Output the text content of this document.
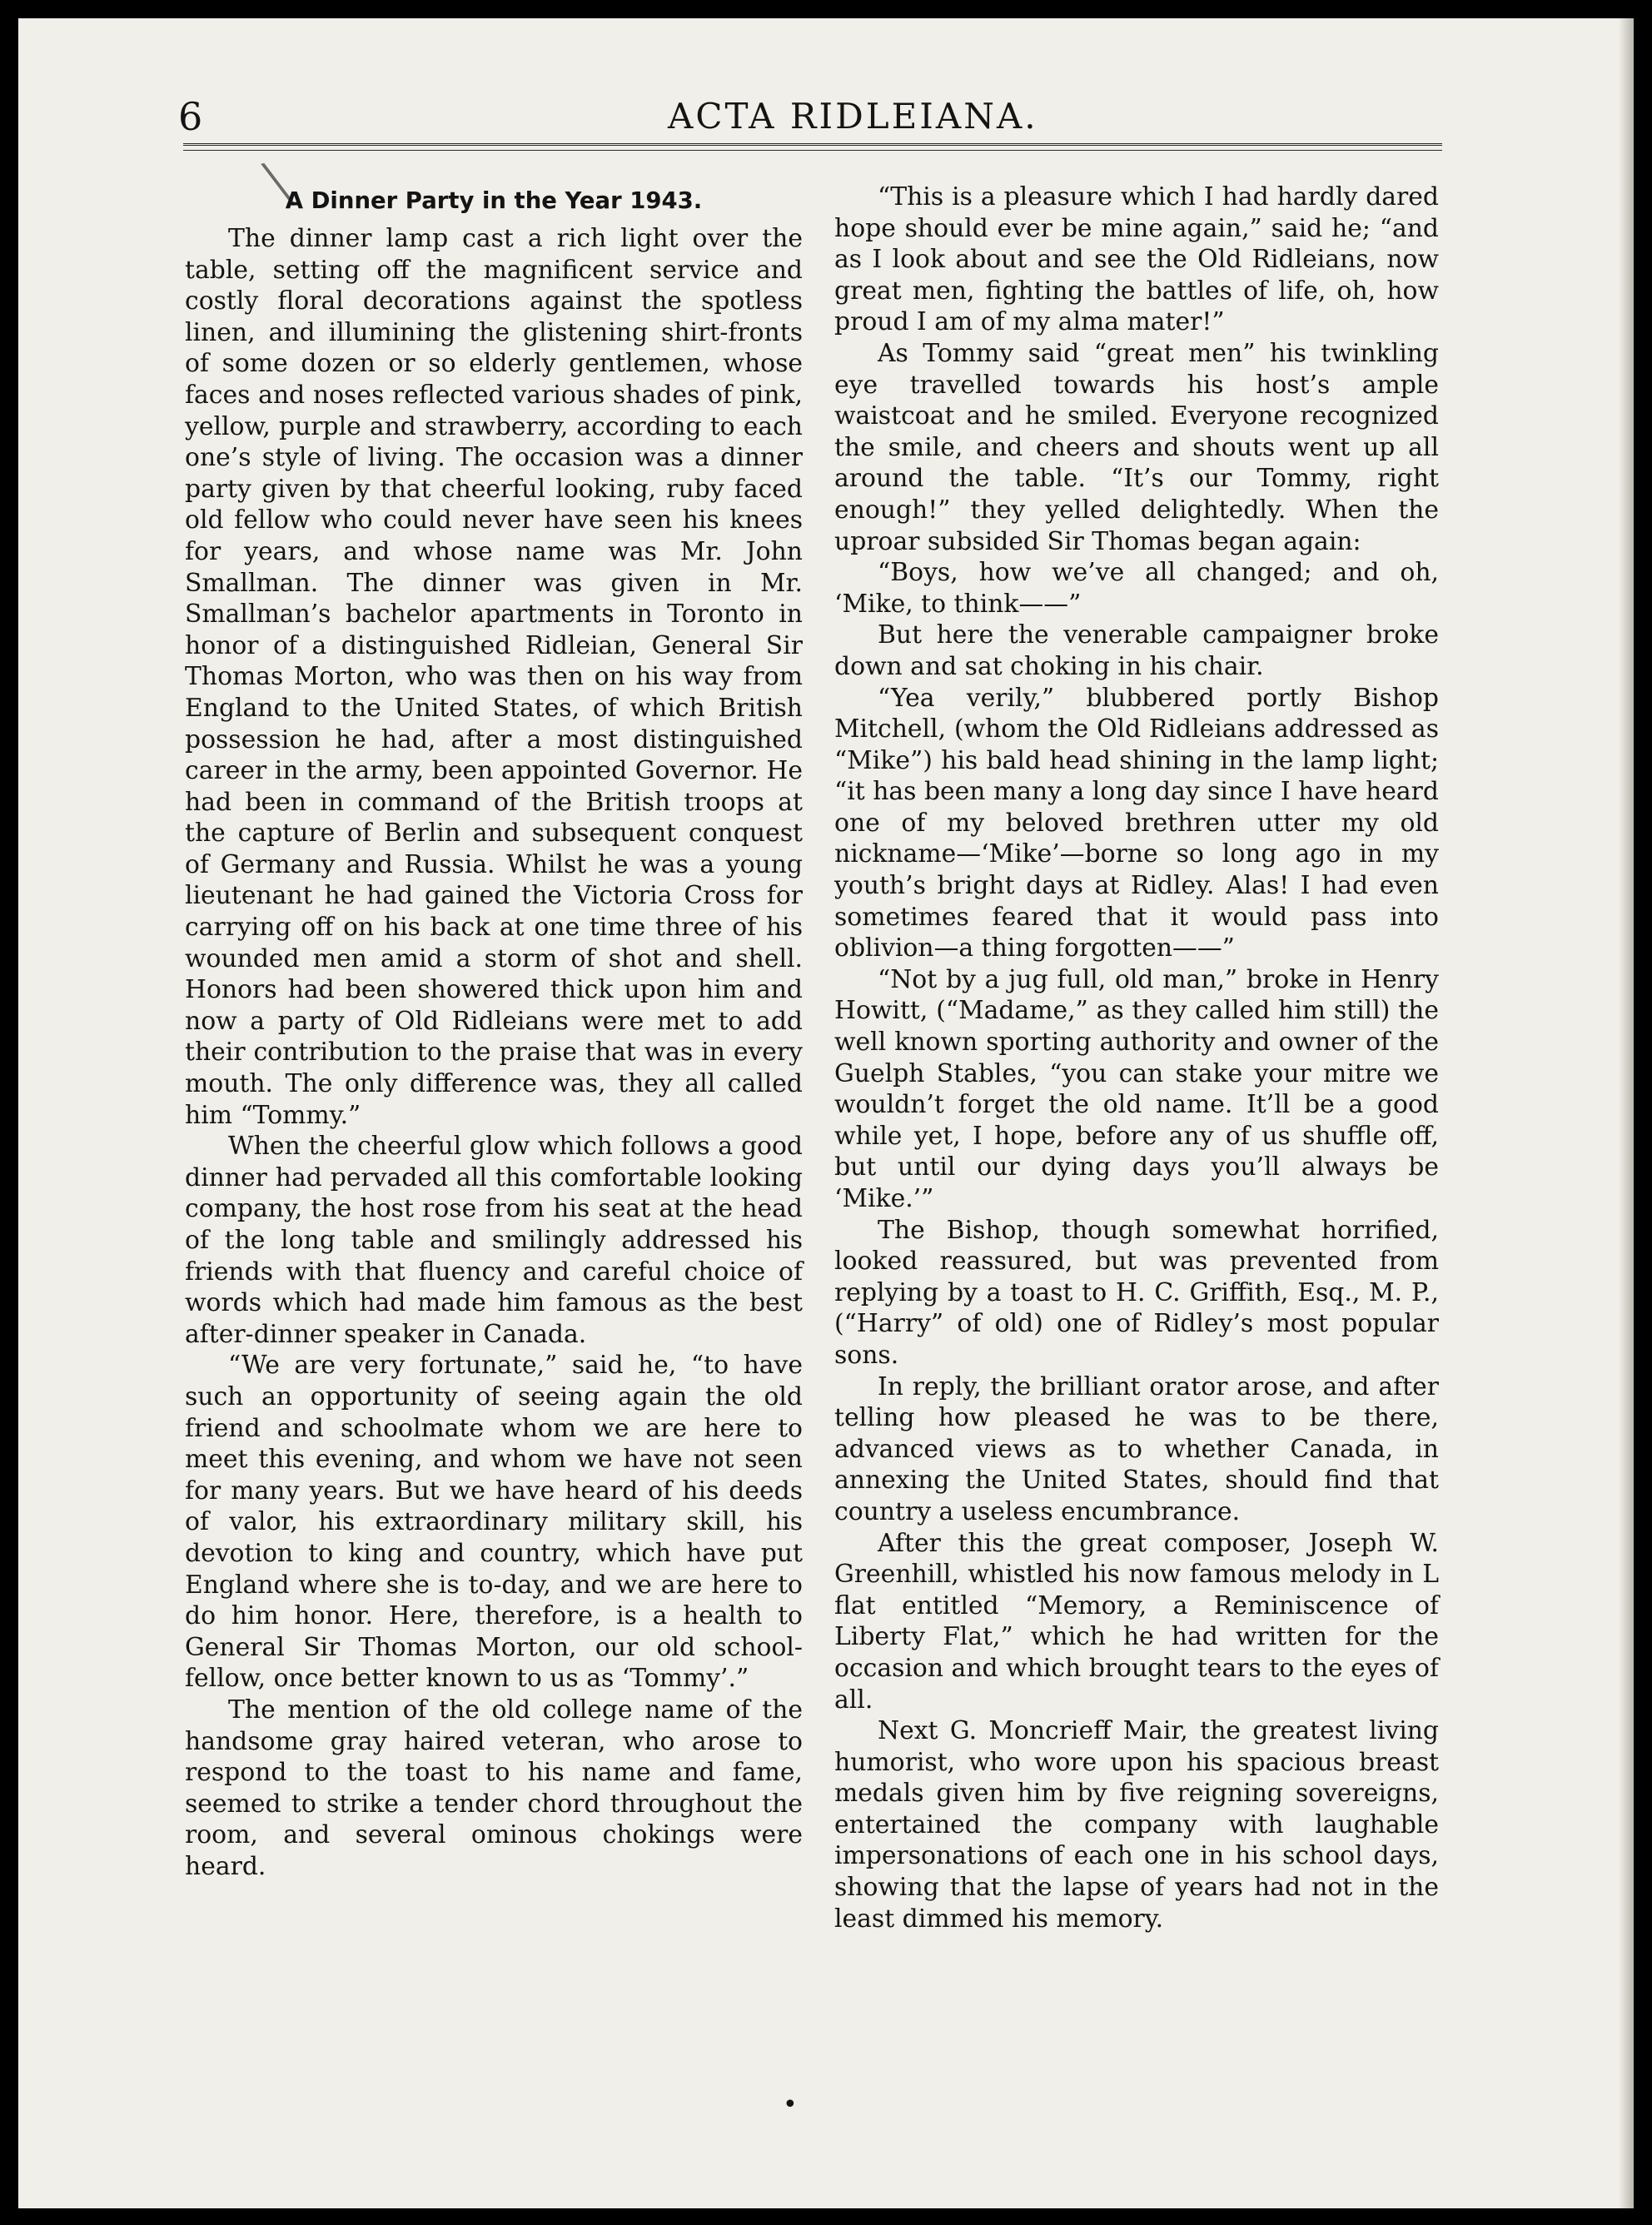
6	ACTA RIDLEIANA.
╲
A Dinner Party in the Year 1943.

The dinner lamp cast a rich light over the table, setting off the magnificent service and costly floral decorations against the spotless linen, and illumining the glistening shirt-fronts of some dozen or so elderly gentlemen, whose faces and noses reflected various shades of pink, yellow, purple and strawberry, according to each one’s style of living. The occasion was a dinner party given by that cheerful looking, ruby faced old fellow who could never have seen his knees for years, and whose name was Mr. John Smallman. The dinner was given in Mr. Smallman’s bachelor apartments in Toronto in honor of a distinguished Ridleian, General Sir Thomas Morton, who was then on his way from England to the United States, of which British possession he had, after a most distinguished career in the army, been appointed Governor. He had been in command of the British troops at the capture of Berlin and subsequent conquest of Germany and Russia. Whilst he was a young lieutenant he had gained the Victoria Cross for carrying off on his back at one time three of his wounded men amid a storm of shot and shell. Honors had been showered thick upon him and now a party of Old Ridleians were met to add their contribution to the praise that was in every mouth. The only difference was, they all called him “Tommy.”

When the cheerful glow which follows a good dinner had pervaded all this comfortable looking company, the host rose from his seat at the head of the long table and smilingly addressed his friends with that fluency and careful choice of words which had made him famous as the best after-dinner speaker in Canada.

“We are very fortunate,” said he, “to have such an opportunity of seeing again the old friend and schoolmate whom we are here to meet this evening, and whom we have not seen for many years. But we have heard of his deeds of valor, his extraordinary military skill, his devotion to king and country, which have put England where she is to-day, and we are here to do him honor. Here, therefore, is a health to General Sir Thomas Morton, our old school-fellow, once better known to us as ‘Tommy’.”

The mention of the old college name of the handsome gray haired veteran, who arose to respond to the toast to his name and fame, seemed to strike a tender chord throughout the room, and several ominous chokings were heard.

“This is a pleasure which I had hardly dared hope should ever be mine again,” said he; “and as I look about and see the Old Ridleians, now great men, fighting the battles of life, oh, how proud I am of my alma mater!”

As Tommy said “great men” his twinkling eye travelled towards his host’s ample waistcoat and he smiled. Everyone recognized the smile, and cheers and shouts went up all around the table. “It’s our Tommy, right enough!” they yelled delightedly. When the uproar subsided Sir Thomas began again:

“Boys, how we’ve all changed; and oh, ‘Mike, to think——”

But here the venerable campaigner broke down and sat choking in his chair.

“Yea verily,” blubbered portly Bishop Mitchell, (whom the Old Ridleians addressed as “Mike”) his bald head shining in the lamp light; “it has been many a long day since I have heard one of my beloved brethren utter my old nickname—‘Mike’—borne so long ago in my youth’s bright days at Ridley. Alas! I had even sometimes feared that it would pass into oblivion—a thing forgotten——”

“Not by a jug full, old man,” broke in Henry Howitt, (“Madame,” as they called him still) the well known sporting authority and owner of the Guelph Stables, “you can stake your mitre we wouldn’t forget the old name. It’ll be a good while yet, I hope, before any of us shuffle off, but until our dying days you’ll always be ‘Mike.’”

The Bishop, though somewhat horrified, looked reassured, but was prevented from replying by a toast to H. C. Griffith, Esq., M. P., (“Harry” of old) one of Ridley’s most popular sons.

In reply, the brilliant orator arose, and after telling how pleased he was to be there, advanced views as to whether Canada, in annexing the United States, should find that country a useless encumbrance.

After this the great composer, Joseph W. Greenhill, whistled his now famous melody in L flat entitled “Memory, a Reminiscence of Liberty Flat,” which he had written for the occasion and which brought tears to the eyes of all.

Next G. Moncrieff Mair, the greatest living humorist, who wore upon his spacious breast medals given him by five reigning sovereigns, entertained the company with laughable impersonations of each one in his school days, showing that the lapse of years had not in the least dimmed his memory.

•
